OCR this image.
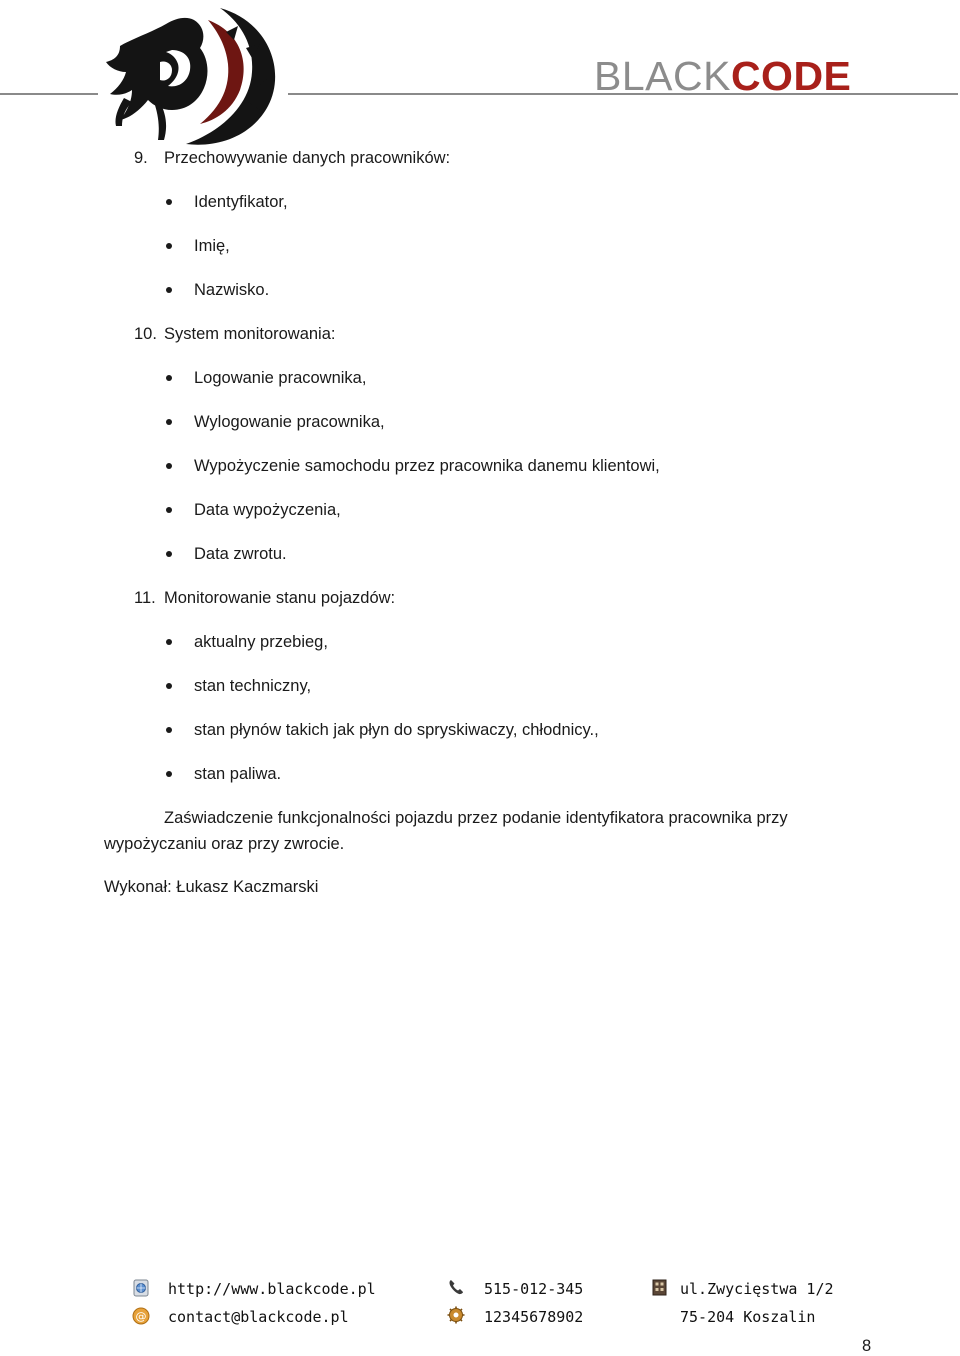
BLACKCODE
9. Przechowywanie danych pracowników:
Identyfikator,
Imię,
Nazwisko.
10. System monitorowania:
Logowanie pracownika,
Wylogowanie pracownika,
Wypożyczenie samochodu przez pracownika danemu klientowi,
Data wypożyczenia,
Data zwrotu.
11. Monitorowanie stanu pojazdów:
aktualny przebieg,
stan techniczny,
stan płynów takich jak płyn do spryskiwaczy, chłodnicy.,
stan paliwa.
Zaświadczenie funkcjonalności pojazdu przez podanie identyfikatora pracownika przy
wypożyczaniu oraz przy zwrocie.
Wykonał: Łukasz Kaczmarski
http://www.blackcode.pl
@ contact@blackcode.pl
515-012-345
12345678902
ul.Zwycięstwa 1/2
75-204 Koszalin
8
